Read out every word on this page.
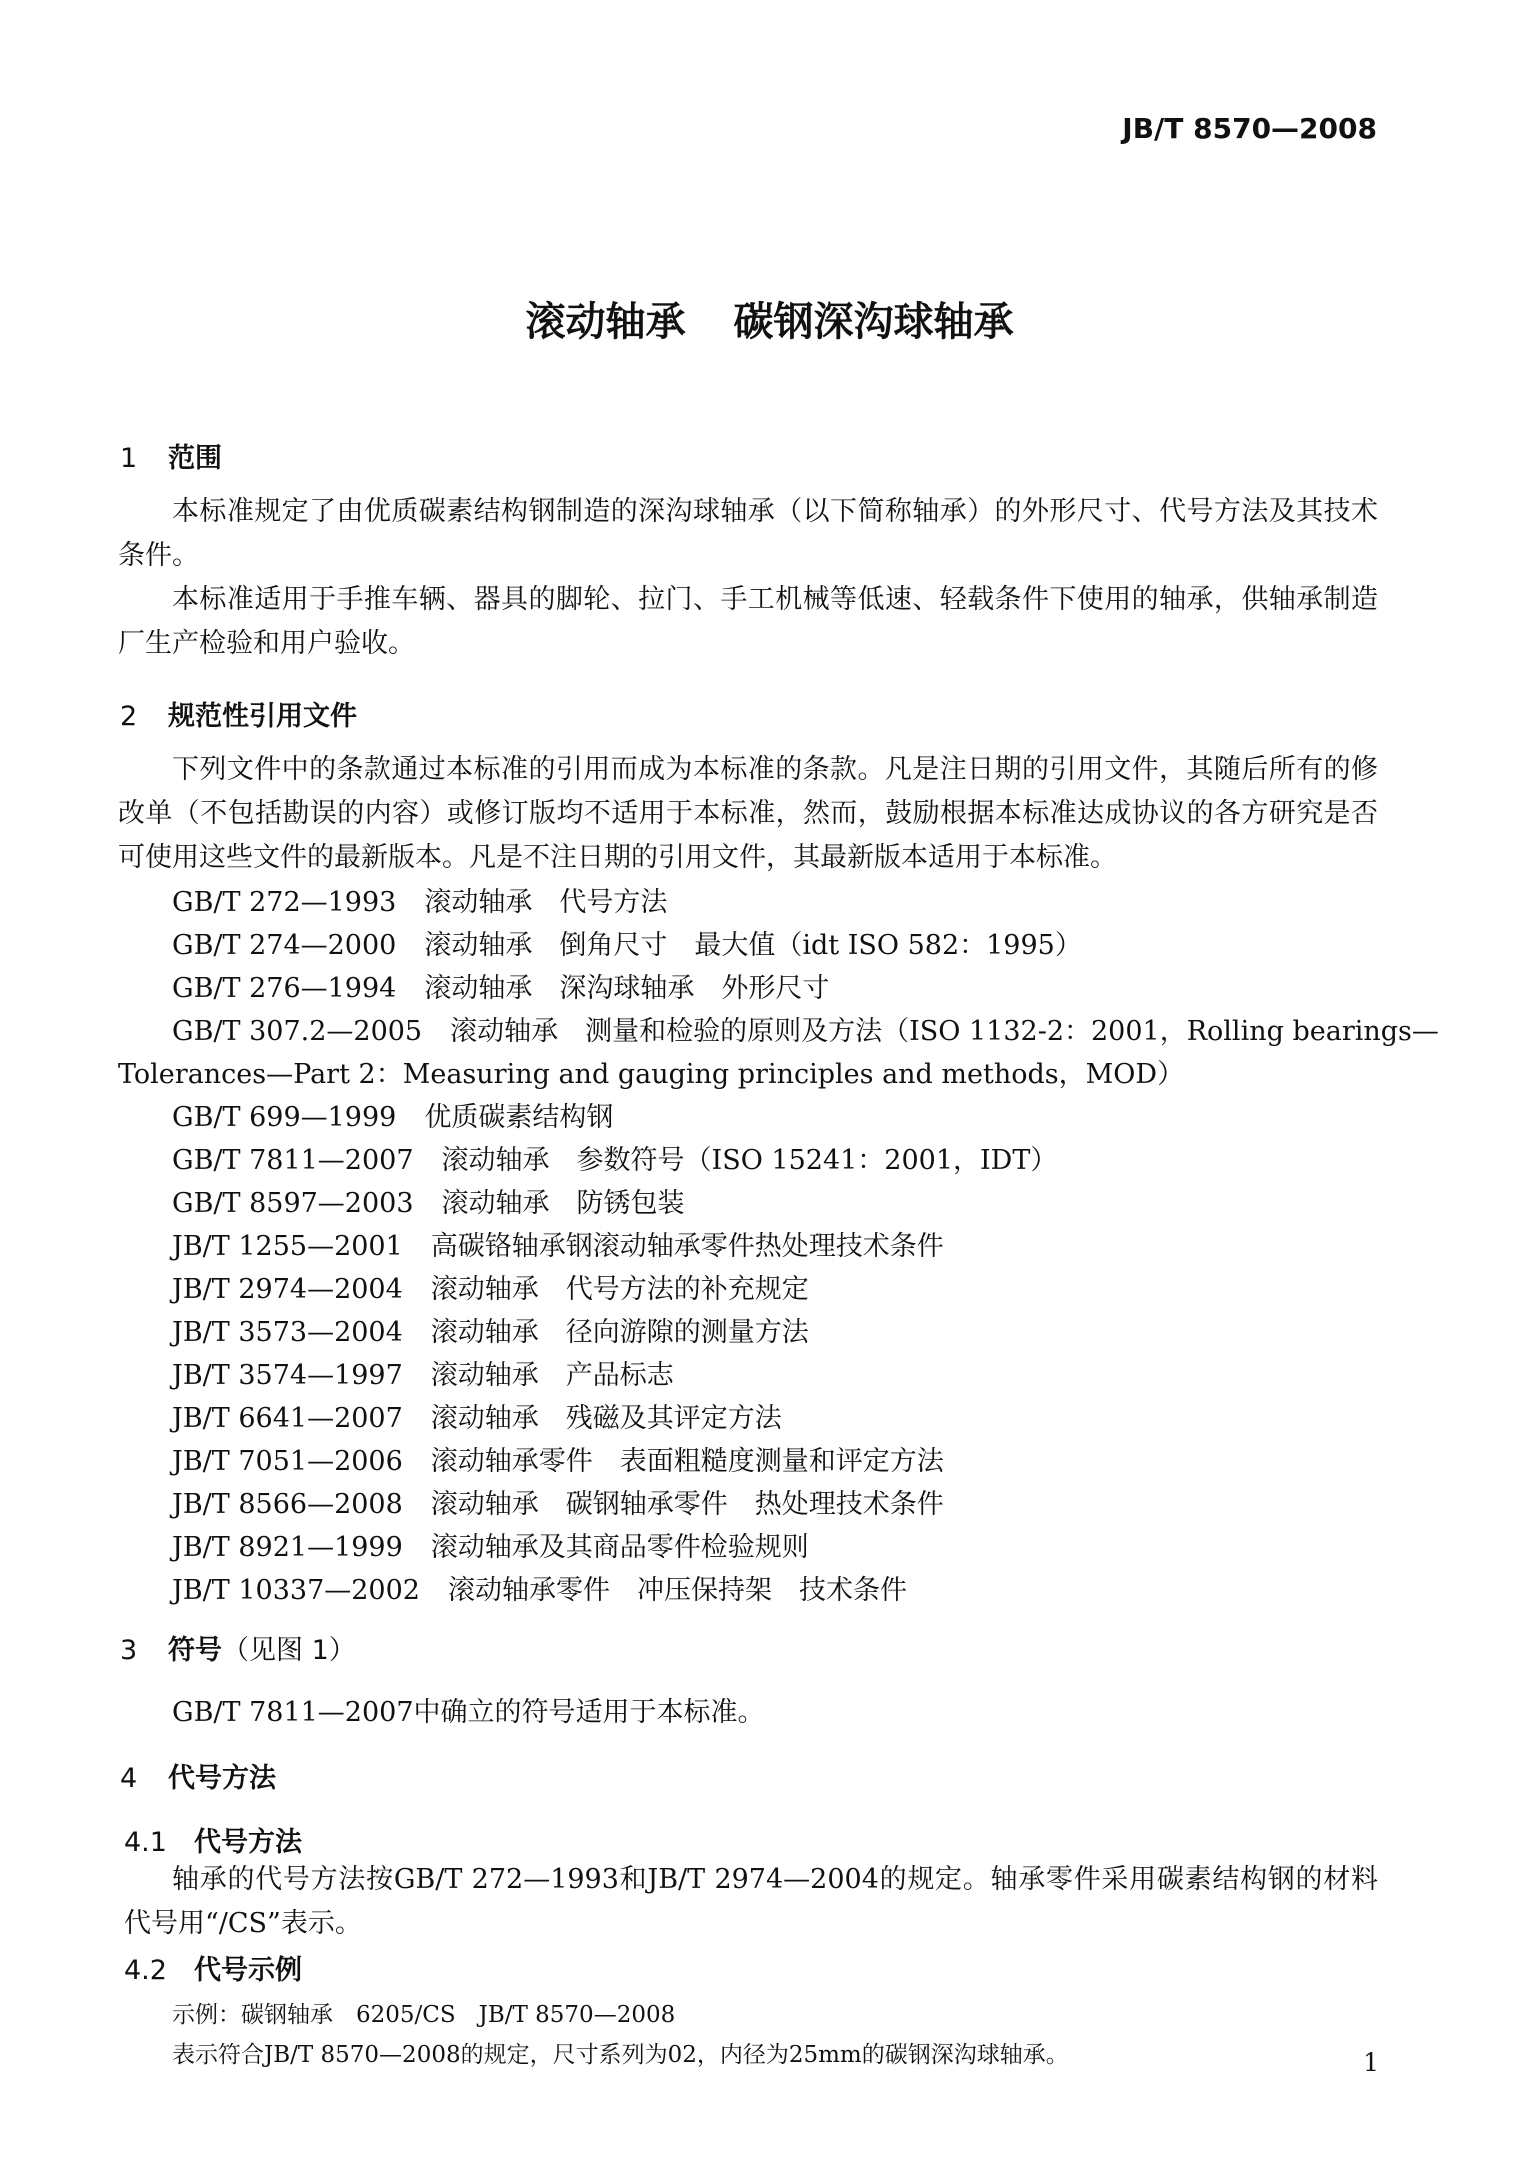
JB/T 8570—2008
滚动轴承 碳钢深沟球轴承
1 范围
本标准规定了由优质碳素结构钢制造的深沟球轴承（以下简称轴承）的外形尺寸、代号方法及其技术条件。
本标准适用于手推车辆、器具的脚轮、拉门、手工机械等低速、轻载条件下使用的轴承，供轴承制造厂生产检验和用户验收。
2 规范性引用文件
下列文件中的条款通过本标准的引用而成为本标准的条款。凡是注日期的引用文件，其随后所有的修改单（不包括勘误的内容）或修订版均不适用于本标准，然而，鼓励根据本标准达成协议的各方研究是否可使用这些文件的最新版本。凡是不注日期的引用文件，其最新版本适用于本标准。
GB/T 272—1993 滚动轴承　代号方法
GB/T 274—2000 滚动轴承　倒角尺寸　最大值（idt ISO 582：1995）
GB/T 276—1994 滚动轴承　深沟球轴承　外形尺寸
GB/T 307.2—2005 滚动轴承　测量和检验的原则及方法（ISO 1132-2：2001，Rolling bearings—
Tolerances—Part 2：Measuring and gauging principles and methods，MOD）
GB/T 699—1999 优质碳素结构钢
GB/T 7811—2007 滚动轴承　参数符号（ISO 15241：2001，IDT）
GB/T 8597—2003 滚动轴承　防锈包装
JB/T 1255—2001 高碳铬轴承钢滚动轴承零件热处理技术条件
JB/T 2974—2004 滚动轴承　代号方法的补充规定
JB/T 3573—2004 滚动轴承　径向游隙的测量方法
JB/T 3574—1997 滚动轴承　产品标志
JB/T 6641—2007 滚动轴承　残磁及其评定方法
JB/T 7051—2006 滚动轴承零件　表面粗糙度测量和评定方法
JB/T 8566—2008 滚动轴承　碳钢轴承零件　热处理技术条件
JB/T 8921—1999 滚动轴承及其商品零件检验规则
JB/T 10337—2002 滚动轴承零件　冲压保持架　技术条件
3 符号（见图 1）
GB/T 7811—2007中确立的符号适用于本标准。
4 代号方法
4.1 代号方法
轴承的代号方法按GB/T 272—1993和JB/T 2974—2004的规定。轴承零件采用碳素结构钢的材料代号用“/CS”表示。
4.2 代号示例
示例：碳钢轴承　6205/CS　JB/T 8570—2008
表示符合JB/T 8570—2008的规定，尺寸系列为02，内径为25mm的碳钢深沟球轴承。	1
